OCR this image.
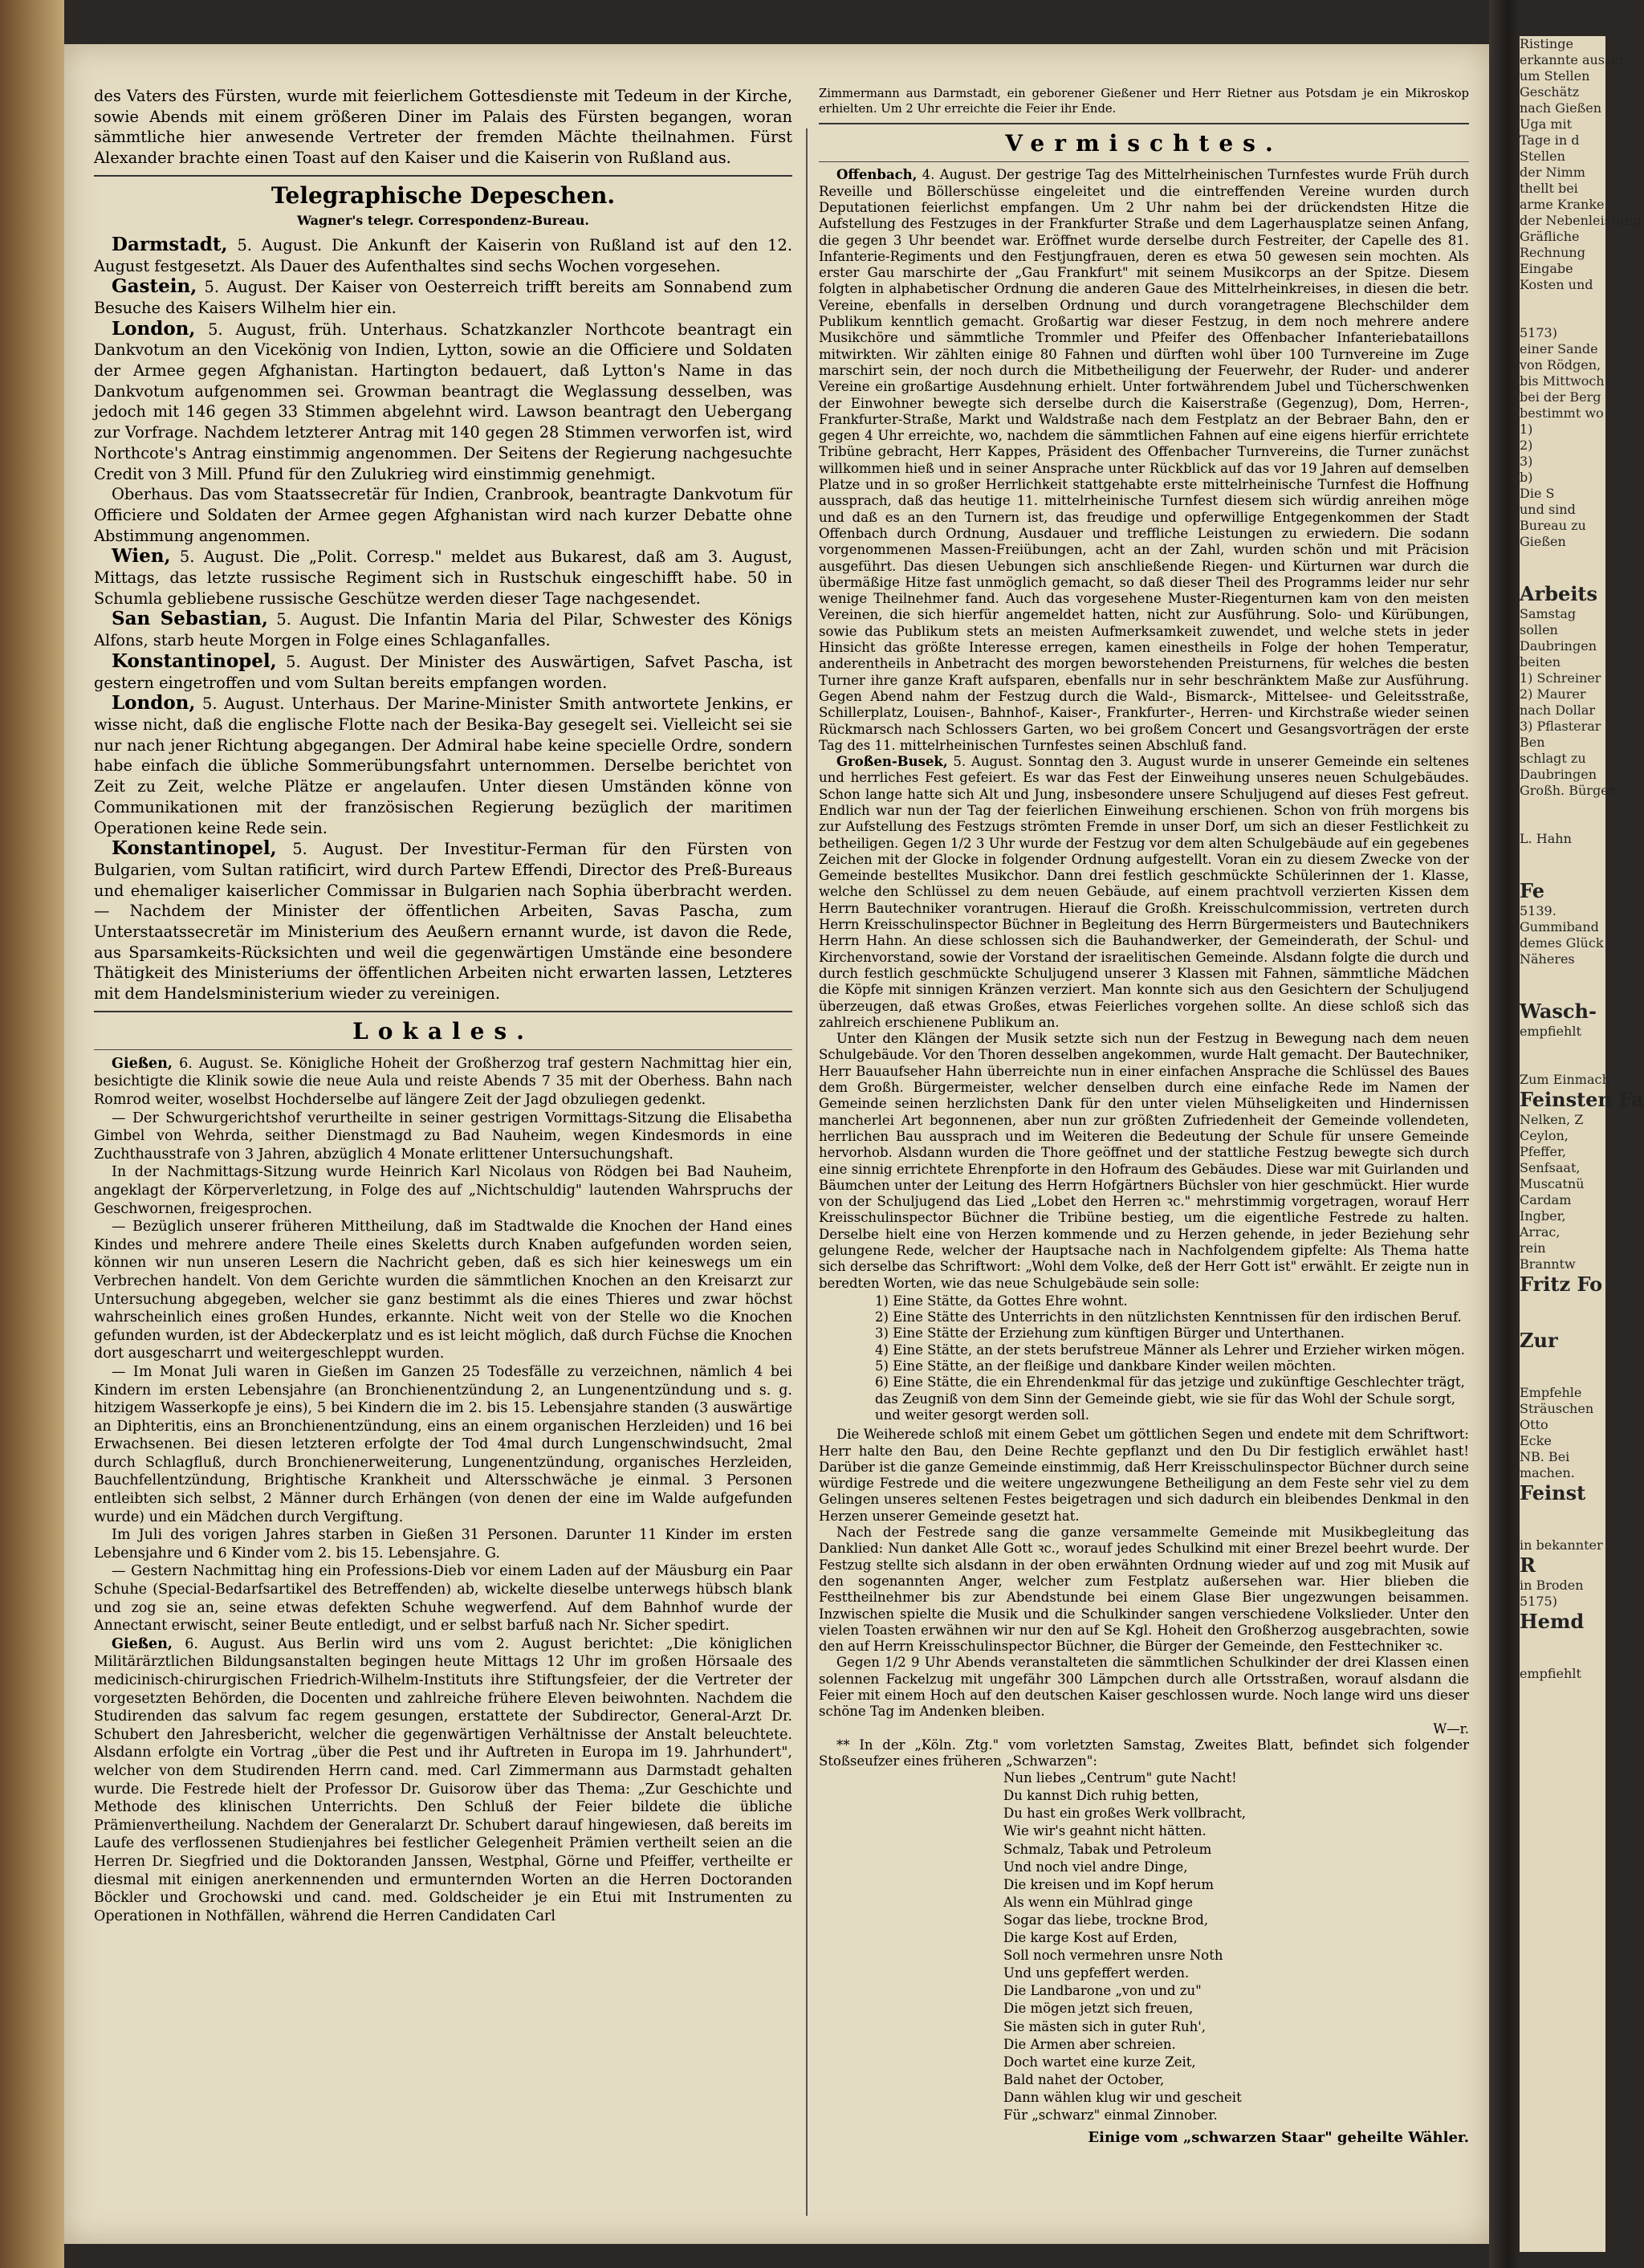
Ristinge
erkannte ausser
um Stellen
Geschätz
nach Gießen
Uga mit
Tage in d
Stellen
der Nimm
thellt bei
arme Kranke
der Nebenleistung
Gräfliche
Rechnung
Eingabe
Kosten und
5173)
einer Sande
von Rödgen,
bis Mittwoch
bei der Berg
bestimmt wo
1)
2)
3)
b)
Die S
und sind
Bureau zu
Gießen
Arbeits
Samstag
sollen
Daubringen
beiten
1) Schreiner
2) Maurer
nach Dollar
3) Pflasterar
Ben
schlagt zu
Daubringen
Großh. Bürger
L. Hahn
Fe
5139.
Gummiband
demes Glück
Näheres
Wasch-
empfiehlt
Zum Einmach
Feinsten Fa
Nelken, Z
Ceylon,
Pfeffer,
Senfsaat,
Muscatnü
Cardam
Ingber,
Arrac,
rein
Branntw
Fritz Fo
Zur
Empfehle
Sträuschen
Otto
Ecke
NB. Bei
machen.
Feinst
in bekannter
R
in Broden
5175)
Hemd
empfiehlt

des Vaters des Fürsten, wurde mit feierlichem Gottesdienste mit Tedeum in der Kirche, sowie Abends mit einem größeren Diner im Palais des Fürsten begangen, woran sämmtliche hier anwesende Vertreter der fremden Mächte theilnahmen. Fürst Alexander brachte einen Toast auf den Kaiser und die Kaiserin von Rußland aus.

Telegraphische Depeschen.
Wagner's telegr. Correspondenz-Bureau.

Darmstadt, 5. August. Die Ankunft der Kaiserin von Rußland ist auf den 12. August festgesetzt. Als Dauer des Aufenthaltes sind sechs Wochen vorgesehen.

Gastein, 5. August. Der Kaiser von Oesterreich trifft bereits am Sonnabend zum Besuche des Kaisers Wilhelm hier ein.

London, 5. August, früh. Unterhaus. Schatzkanzler Northcote beantragt ein Dankvotum an den Vicekönig von Indien, Lytton, sowie an die Officiere und Soldaten der Armee gegen Afghanistan. Hartington bedauert, daß Lytton's Name in das Dankvotum aufgenommen sei. Growman beantragt die Weglassung desselben, was jedoch mit 146 gegen 33 Stimmen abgelehnt wird. Lawson beantragt den Uebergang zur Vorfrage. Nachdem letzterer Antrag mit 140 gegen 28 Stimmen verworfen ist, wird Northcote's Antrag einstimmig angenommen. Der Seitens der Regierung nachgesuchte Credit von 3 Mill. Pfund für den Zulukrieg wird einstimmig genehmigt.

Oberhaus. Das vom Staatssecretär für Indien, Cranbrook, beantragte Dankvotum für Officiere und Soldaten der Armee gegen Afghanistan wird nach kurzer Debatte ohne Abstimmung angenommen.

Wien, 5. August. Die „Polit. Corresp." meldet aus Bukarest, daß am 3. August, Mittags, das letzte russische Regiment sich in Rustschuk eingeschifft habe. 50 in Schumla gebliebene russische Geschütze werden dieser Tage nachgesendet.

San Sebastian, 5. August. Die Infantin Maria del Pilar, Schwester des Königs Alfons, starb heute Morgen in Folge eines Schlaganfalles.

Konstantinopel, 5. August. Der Minister des Auswärtigen, Safvet Pascha, ist gestern eingetroffen und vom Sultan bereits empfangen worden.

London, 5. August. Unterhaus. Der Marine-Minister Smith antwortete Jenkins, er wisse nicht, daß die englische Flotte nach der Besika-Bay gesegelt sei. Vielleicht sei sie nur nach jener Richtung abgegangen. Der Admiral habe keine specielle Ordre, sondern habe einfach die übliche Sommerübungsfahrt unternommen. Derselbe berichtet von Zeit zu Zeit, welche Plätze er angelaufen. Unter diesen Umständen könne von Communikationen mit der französischen Regierung bezüglich der maritimen Operationen keine Rede sein.

Konstantinopel, 5. August. Der Investitur-Ferman für den Fürsten von Bulgarien, vom Sultan ratificirt, wird durch Partew Effendi, Director des Preß-Bureaus und ehemaliger kaiserlicher Commissar in Bulgarien nach Sophia überbracht werden. — Nachdem der Minister der öffentlichen Arbeiten, Savas Pascha, zum Unterstaatssecretär im Ministerium des Aeußern ernannt wurde, ist davon die Rede, aus Sparsamkeits-Rücksichten und weil die gegenwärtigen Umstände eine besondere Thätigkeit des Ministeriums der öffentlichen Arbeiten nicht erwarten lassen, Letzteres mit dem Handelsministerium wieder zu vereinigen.

Lokales.

Gießen, 6. August. Se. Königliche Hoheit der Großherzog traf gestern Nachmittag hier ein, besichtigte die Klinik sowie die neue Aula und reiste Abends 7 35 mit der Oberhess. Bahn nach Romrod weiter, woselbst Hochderselbe auf längere Zeit der Jagd obzuliegen gedenkt.

— Der Schwurgerichtshof verurtheilte in seiner gestrigen Vormittags-Sitzung die Elisabetha Gimbel von Wehrda, seither Dienstmagd zu Bad Nauheim, wegen Kindesmords in eine Zuchthausstrafe von 3 Jahren, abzüglich 4 Monate erlittener Untersuchungshaft.

In der Nachmittags-Sitzung wurde Heinrich Karl Nicolaus von Rödgen bei Bad Nauheim, angeklagt der Körperverletzung, in Folge des auf „Nichtschuldig" lautenden Wahrspruchs der Geschwornen, freigesprochen.

— Bezüglich unserer früheren Mittheilung, daß im Stadtwalde die Knochen der Hand eines Kindes und mehrere andere Theile eines Skeletts durch Knaben aufgefunden worden seien, können wir nun unseren Lesern die Nachricht geben, daß es sich hier keineswegs um ein Verbrechen handelt. Von dem Gerichte wurden die sämmtlichen Knochen an den Kreisarzt zur Untersuchung abgegeben, welcher sie ganz bestimmt als die eines Thieres und zwar höchst wahrscheinlich eines großen Hundes, erkannte. Nicht weit von der Stelle wo die Knochen gefunden wurden, ist der Abdeckerplatz und es ist leicht möglich, daß durch Füchse die Knochen dort ausgescharrt und weitergeschleppt wurden.

— Im Monat Juli waren in Gießen im Ganzen 25 Todesfälle zu verzeichnen, nämlich 4 bei Kindern im ersten Lebensjahre (an Bronchienentzündung 2, an Lungenentzündung und s. g. hitzigem Wasserkopfe je eins), 5 bei Kindern die im 2. bis 15. Lebensjahre standen (3 auswärtige an Diphteritis, eins an Bronchienentzündung, eins an einem organischen Herzleiden) und 16 bei Erwachsenen. Bei diesen letzteren erfolgte der Tod 4mal durch Lungenschwindsucht, 2mal durch Schlagfluß, durch Bronchienerweiterung, Lungenentzündung, organisches Herzleiden, Bauchfellentzündung, Brightische Krankheit und Altersschwäche je einmal. 3 Personen entleibten sich selbst, 2 Männer durch Erhängen (von denen der eine im Walde aufgefunden wurde) und ein Mädchen durch Vergiftung.

Im Juli des vorigen Jahres starben in Gießen 31 Personen. Darunter 11 Kinder im ersten Lebensjahre und 6 Kinder vom 2. bis 15. Lebensjahre. G.

— Gestern Nachmittag hing ein Professions-Dieb vor einem Laden auf der Mäusburg ein Paar Schuhe (Special-Bedarfsartikel des Betreffenden) ab, wickelte dieselbe unterwegs hübsch blank und zog sie an, seine etwas defekten Schuhe wegwerfend. Auf dem Bahnhof wurde der Annectant erwischt, seiner Beute entledigt, und er selbst barfuß nach Nr. Sicher spedirt.

Gießen, 6. August. Aus Berlin wird uns vom 2. August berichtet: „Die königlichen Militärärztlichen Bildungsanstalten begingen heute Mittags 12 Uhr im großen Hörsaale des medicinisch-chirurgischen Friedrich-Wilhelm-Instituts ihre Stiftungsfeier, der die Vertreter der vorgesetzten Behörden, die Docenten und zahlreiche frühere Eleven beiwohnten. Nachdem die Studirenden das salvum fac regem gesungen, erstattete der Subdirector, General-Arzt Dr. Schubert den Jahresbericht, welcher die gegenwärtigen Verhältnisse der Anstalt beleuchtete. Alsdann erfolgte ein Vortrag „über die Pest und ihr Auftreten in Europa im 19. Jahrhundert", welcher von dem Studirenden Herrn cand. med. Carl Zimmermann aus Darmstadt gehalten wurde. Die Festrede hielt der Professor Dr. Guisorow über das Thema: „Zur Geschichte und Methode des klinischen Unterrichts. Den Schluß der Feier bildete die übliche Prämienvertheilung. Nachdem der Generalarzt Dr. Schubert darauf hingewiesen, daß bereits im Laufe des verflossenen Studienjahres bei festlicher Gelegenheit Prämien vertheilt seien an die Herren Dr. Siegfried und die Doktoranden Janssen, Westphal, Görne und Pfeiffer, vertheilte er diesmal mit einigen anerkennenden und ermunternden Worten an die Herren Doctoranden Böckler und Grochowski und cand. med. Goldscheider je ein Etui mit Instrumenten zu Operationen in Nothfällen, während die Herren Candidaten Carl

Zimmermann aus Darmstadt, ein geborener Gießener und Herr Rietner aus Potsdam je ein Mikroskop erhielten. Um 2 Uhr erreichte die Feier ihr Ende.

Vermischtes.

Offenbach, 4. August. Der gestrige Tag des Mittelrheinischen Turnfestes wurde Früh durch Reveille und Böllerschüsse eingeleitet und die eintreffenden Vereine wurden durch Deputationen feierlichst empfangen. Um 2 Uhr nahm bei der drückendsten Hitze die Aufstellung des Festzuges in der Frankfurter Straße und dem Lagerhausplatze seinen Anfang, die gegen 3 Uhr beendet war. Eröffnet wurde derselbe durch Festreiter, der Capelle des 81. Infanterie-Regiments und den Festjungfrauen, deren es etwa 50 gewesen sein mochten. Als erster Gau marschirte der „Gau Frankfurt" mit seinem Musikcorps an der Spitze. Diesem folgten in alphabetischer Ordnung die anderen Gaue des Mittelrheinkreises, in diesen die betr. Vereine, ebenfalls in derselben Ordnung und durch vorangetragene Blechschilder dem Publikum kenntlich gemacht. Großartig war dieser Festzug, in dem noch mehrere andere Musikchöre und sämmtliche Trommler und Pfeifer des Offenbacher Infanteriebataillons mitwirkten. Wir zählten einige 80 Fahnen und dürften wohl über 100 Turnvereine im Zuge marschirt sein, der noch durch die Mitbetheiligung der Feuerwehr, der Ruder- und anderer Vereine ein großartige Ausdehnung erhielt. Unter fortwährendem Jubel und Tücherschwenken der Einwohner bewegte sich derselbe durch die Kaiserstraße (Gegenzug), Dom, Herren-, Frankfurter-Straße, Markt und Waldstraße nach dem Festplatz an der Bebraer Bahn, den er gegen 4 Uhr erreichte, wo, nachdem die sämmtlichen Fahnen auf eine eigens hierfür errichtete Tribüne gebracht, Herr Kappes, Präsident des Offenbacher Turnvereins, die Turner zunächst willkommen hieß und in seiner Ansprache unter Rückblick auf das vor 19 Jahren auf demselben Platze und in so großer Herrlichkeit stattgehabte erste mittelrheinische Turnfest die Hoffnung aussprach, daß das heutige 11. mittelrheinische Turnfest diesem sich würdig anreihen möge und daß es an den Turnern ist, das freudige und opferwillige Entgegenkommen der Stadt Offenbach durch Ordnung, Ausdauer und treffliche Leistungen zu erwiedern. Die sodann vorgenommenen Massen-Freiübungen, acht an der Zahl, wurden schön und mit Präcision ausgeführt. Das diesen Uebungen sich anschließende Riegen- und Kürturnen war durch die übermäßige Hitze fast unmöglich gemacht, so daß dieser Theil des Programms leider nur sehr wenige Theilnehmer fand. Auch das vorgesehene Muster-Riegenturnen kam von den meisten Vereinen, die sich hierfür angemeldet hatten, nicht zur Ausführung. Solo- und Kürübungen, sowie das Publikum stets an meisten Aufmerksamkeit zuwendet, und welche stets in jeder Hinsicht das größte Interesse erregen, kamen einestheils in Folge der hohen Temperatur, anderentheils in Anbetracht des morgen beworstehenden Preisturnens, für welches die besten Turner ihre ganze Kraft aufsparen, ebenfalls nur in sehr beschränktem Maße zur Ausführung. Gegen Abend nahm der Festzug durch die Wald-, Bismarck-, Mittelsee- und Geleitsstraße, Schillerplatz, Louisen-, Bahnhof-, Kaiser-, Frankfurter-, Herren- und Kirchstraße wieder seinen Rückmarsch nach Schlossers Garten, wo bei großem Concert und Gesangsvorträgen der erste Tag des 11. mittelrheinischen Turnfestes seinen Abschluß fand.

Großen-Busek, 5. August. Sonntag den 3. August wurde in unserer Gemeinde ein seltenes und herrliches Fest gefeiert. Es war das Fest der Einweihung unseres neuen Schulgebäudes. Schon lange hatte sich Alt und Jung, insbesondere unsere Schuljugend auf dieses Fest gefreut. Endlich war nun der Tag der feierlichen Einweihung erschienen. Schon von früh morgens bis zur Aufstellung des Festzugs strömten Fremde in unser Dorf, um sich an dieser Festlichkeit zu betheiligen. Gegen 1/2 3 Uhr wurde der Festzug vor dem alten Schulgebäude auf ein gegebenes Zeichen mit der Glocke in folgender Ordnung aufgestellt. Voran ein zu diesem Zwecke von der Gemeinde bestelltes Musikchor. Dann drei festlich geschmückte Schülerinnen der 1. Klasse, welche den Schlüssel zu dem neuen Gebäude, auf einem prachtvoll verzierten Kissen dem Herrn Bautechniker vorantrugen. Hierauf die Großh. Kreisschulcommission, vertreten durch Herrn Kreisschulinspector Büchner in Begleitung des Herrn Bürgermeisters und Bautechnikers Herrn Hahn. An diese schlossen sich die Bauhandwerker, der Gemeinderath, der Schul- und Kirchenvorstand, sowie der Vorstand der israelitischen Gemeinde. Alsdann folgte die durch und durch festlich geschmückte Schuljugend unserer 3 Klassen mit Fahnen, sämmtliche Mädchen die Köpfe mit sinnigen Kränzen verziert. Man konnte sich aus den Gesichtern der Schuljugend überzeugen, daß etwas Großes, etwas Feierliches vorgehen sollte. An diese schloß sich das zahlreich erschienene Publikum an.

Unter den Klängen der Musik setzte sich nun der Festzug in Bewegung nach dem neuen Schulgebäude. Vor den Thoren desselben angekommen, wurde Halt gemacht. Der Bautechniker, Herr Bauaufseher Hahn überreichte nun in einer einfachen Ansprache die Schlüssel des Baues dem Großh. Bürgermeister, welcher denselben durch eine einfache Rede im Namen der Gemeinde seinen herzlichsten Dank für den unter vielen Mühseligkeiten und Hindernissen mancherlei Art begonnenen, aber nun zur größten Zufriedenheit der Gemeinde vollendeten, herrlichen Bau aussprach und im Weiteren die Bedeutung der Schule für unsere Gemeinde hervorhob. Alsdann wurden die Thore geöffnet und der stattliche Festzug bewegte sich durch eine sinnig errichtete Ehrenpforte in den Hofraum des Gebäudes. Diese war mit Guirlanden und Bäumchen unter der Leitung des Herrn Hofgärtners Büchsler von hier geschmückt. Hier wurde von der Schuljugend das Lied „Lobet den Herren ꝛc." mehrstimmig vorgetragen, worauf Herr Kreisschulinspector Büchner die Tribüne bestieg, um die eigentliche Festrede zu halten. Derselbe hielt eine von Herzen kommende und zu Herzen gehende, in jeder Beziehung sehr gelungene Rede, welcher der Hauptsache nach in Nachfolgendem gipfelte: Als Thema hatte sich derselbe das Schriftwort: „Wohl dem Volke, deß der Herr Gott ist" erwählt. Er zeigte nun in beredten Worten, wie das neue Schulgebäude sein solle:

1) Eine Stätte, da Gottes Ehre wohnt.
2) Eine Stätte des Unterrichts in den nützlichsten Kenntnissen für den irdischen Beruf.
3) Eine Stätte der Erziehung zum künftigen Bürger und Unterthanen.
4) Eine Stätte, an der stets berufstreue Männer als Lehrer und Erzieher wirken mögen.
5) Eine Stätte, an der fleißige und dankbare Kinder weilen möchten.
6) Eine Stätte, die ein Ehrendenkmal für das jetzige und zukünftige Geschlechter trägt, das Zeugniß von dem Sinn der Gemeinde giebt, wie sie für das Wohl der Schule sorgt, und weiter gesorgt werden soll.

Die Weiherede schloß mit einem Gebet um göttlichen Segen und endete mit dem Schriftwort: Herr halte den Bau, den Deine Rechte gepflanzt und den Du Dir festiglich erwählet hast! Darüber ist die ganze Gemeinde einstimmig, daß Herr Kreisschulinspector Büchner durch seine würdige Festrede und die weitere ungezwungene Betheiligung an dem Feste sehr viel zu dem Gelingen unseres seltenen Festes beigetragen und sich dadurch ein bleibendes Denkmal in den Herzen unserer Gemeinde gesetzt hat.

Nach der Festrede sang die ganze versammelte Gemeinde mit Musikbegleitung das Danklied: Nun danket Alle Gott ꝛc., worauf jedes Schulkind mit einer Brezel beehrt wurde. Der Festzug stellte sich alsdann in der oben erwähnten Ordnung wieder auf und zog mit Musik auf den sogenannten Anger, welcher zum Festplatz außersehen war. Hier blieben die Festtheilnehmer bis zur Abendstunde bei einem Glase Bier ungezwungen beisammen. Inzwischen spielte die Musik und die Schulkinder sangen verschiedene Volkslieder. Unter den vielen Toasten erwähnen wir nur den auf Se Kgl. Hoheit den Großherzog ausgebrachten, sowie den auf Herrn Kreisschulinspector Büchner, die Bürger der Gemeinde, den Festtechniker ꝛc.

Gegen 1/2 9 Uhr Abends veranstalteten die sämmtlichen Schulkinder der drei Klassen einen solennen Fackelzug mit ungefähr 300 Lämpchen durch alle Ortsstraßen, worauf alsdann die Feier mit einem Hoch auf den deutschen Kaiser geschlossen wurde. Noch lange wird uns dieser schöne Tag im Andenken bleiben.

W—r.

** In der „Köln. Ztg." vom vorletzten Samstag, Zweites Blatt, befindet sich folgender Stoßseufzer eines früheren „Schwarzen":

Nun liebes „Centrum" gute Nacht!
Du kannst Dich ruhig betten,
Du hast ein großes Werk vollbracht,
Wie wir's geahnt nicht hätten.
Schmalz, Tabak und Petroleum
Und noch viel andre Dinge,
Die kreisen und im Kopf herum
Als wenn ein Mühlrad ginge
Sogar das liebe, trockne Brod,
Die karge Kost auf Erden,
Soll noch vermehren unsre Noth
Und uns gepfeffert werden.
Die Landbarone „von und zu"
Die mögen jetzt sich freuen,
Sie mästen sich in guter Ruh',
Die Armen aber schreien.
Doch wartet eine kurze Zeit,
Bald nahet der October,
Dann wählen klug wir und gescheit
Für „schwarz" einmal Zinnober.
Einige vom „schwarzen Staar" geheilte Wähler.
